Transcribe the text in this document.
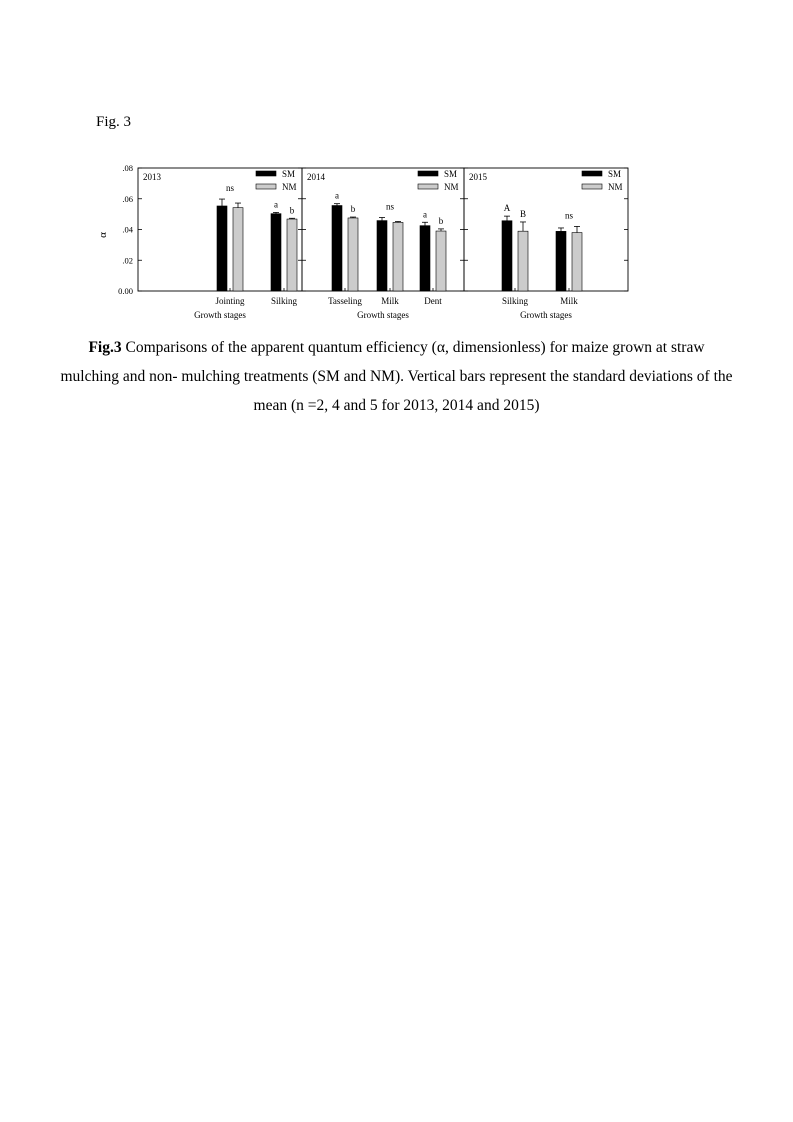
Fig. 3
α
.08
.06
.04
.02
0.00
2013	SM
NM
Jointing
ns
Silking
a
b
Growth stages
2014	SM
NM
Tasseling
a
b
Milk
ns
Dent
a
b
Growth stages
2015	SM
NM
Silking
A
B
Milk
ns
Growth stages
Fig.3 Comparisons of the apparent quantum efficiency (α, dimensionless) for maize grown at straw mulching and non- mulching treatments (SM and NM). Vertical bars represent the standard deviations of the mean (n =2, 4 and 5 for 2013, 2014 and 2015)
